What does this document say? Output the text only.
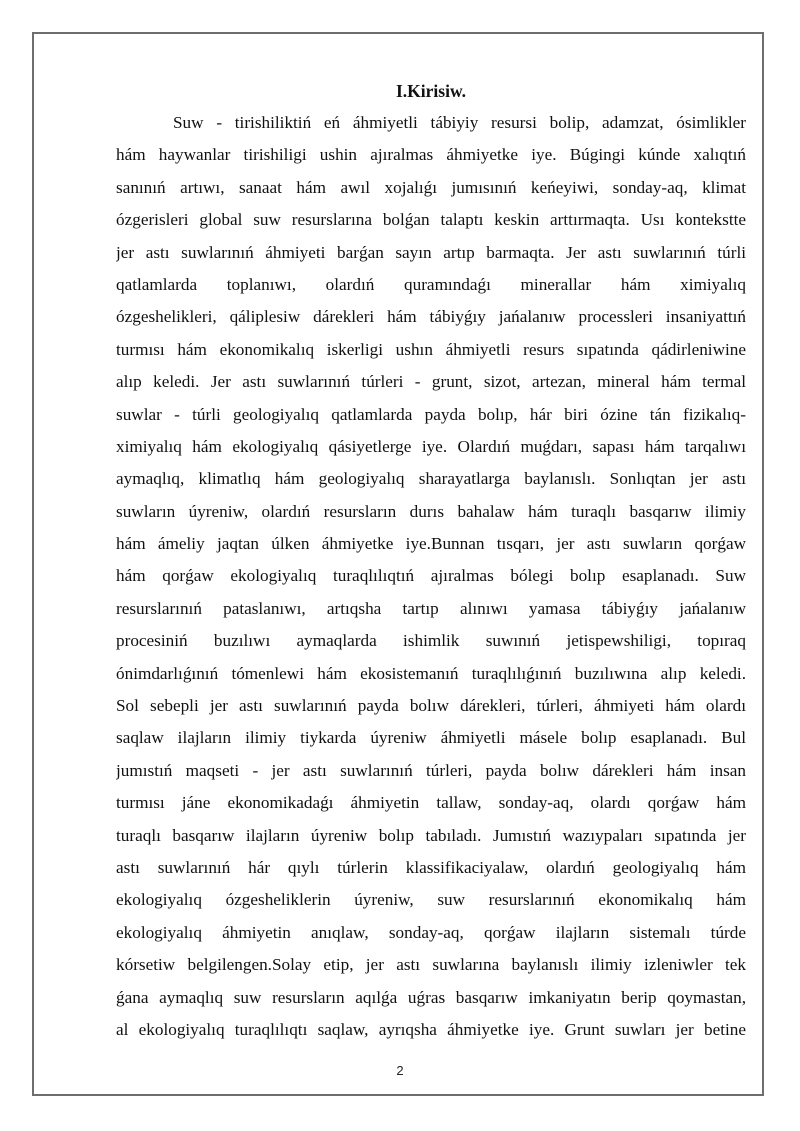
I.Kirisiw.
Suw - tirishiliktiń eń áhmiyetli tábiyiy resursi bolip, adamzat, ósimlikler
hám haywanlar tirishiligi ushin ajıralmas áhmiyetke iye. Búgingi kúnde xalıqtıń
sanınıń artıwı, sanaat hám awıl xojalıǵı jumısınıń keńeyiwi, sonday-aq, klimat
ózgerisleri global suw resurslarına bolǵan talaptı keskin arttırmaqta. Usı kontekstte
jer astı suwlarınıń áhmiyeti barǵan sayın artıp barmaqta. Jer astı suwlarınıń túrli
qatlamlarda toplanıwı, olardıń quramındaǵı minerallar hám ximiyalıq
ózgeshelikleri, qáliplesiw dárekleri hám tábiyǵıy jańalanıw processleri insaniyattıń
turmısı hám ekonomikalıq iskerligi ushın áhmiyetli resurs sıpatında qádirleniwine
alıp keledi. Jer astı suwlarınıń túrleri - grunt, sizot, artezan, mineral hám termal
suwlar - túrli geologiyalıq qatlamlarda payda bolıp, hár biri ózine tán fizikalıq-
ximiyalıq hám ekologiyalıq qásiyetlerge iye. Olardıń muǵdarı, sapası hám tarqalıwı
aymaqlıq, klimatlıq hám geologiyalıq sharayatlarga baylanıslı. Sonlıqtan jer astı
suwların úyreniw, olardıń resursların durıs bahalaw hám turaqlı basqarıw ilimiy
hám ámeliy jaqtan úlken áhmiyetke iye.Bunnan tısqarı, jer astı suwların qorǵaw
hám qorǵaw ekologiyalıq turaqlılıqtıń ajıralmas bólegi bolıp esaplanadı. Suw
resurslarınıń pataslanıwı, artıqsha tartıp alınıwı yamasa tábiyǵıy jańalanıw
procesiniń buzılıwı aymaqlarda ishimlik suwınıń jetispewshiligi, topıraq
ónimdarlıǵınıń tómenlewi hám ekosistemanıń turaqlılıǵınıń buzılıwına alıp keledi.
Sol sebepli jer astı suwlarınıń payda bolıw dárekleri, túrleri, áhmiyeti hám olardı
saqlaw ilajların ilimiy tiykarda úyreniw áhmiyetli másele bolıp esaplanadı. Bul
jumıstıń maqseti - jer astı suwlarınıń túrleri, payda bolıw dárekleri hám insan
turmısı jáne ekonomikadaǵı áhmiyetin tallaw, sonday-aq, olardı qorǵaw hám
turaqlı basqarıw ilajların úyreniw bolıp tabıladı. Jumıstıń wazıypaları sıpatında jer
astı suwlarınıń hár qıylı túrlerin klassifikaciyalaw, olardıń geologiyalıq hám
ekologiyalıq ózgesheliklerin úyreniw, suw resurslarınıń ekonomikalıq hám
ekologiyalıq áhmiyetin anıqlaw, sonday-aq, qorǵaw ilajların sistemalı túrde
kórsetiw belgilengen.Solay etip, jer astı suwlarına baylanıslı ilimiy izleniwler tek
ǵana aymaqlıq suw resursların aqılǵa uǵras basqarıw imkaniyatın berip qoymastan,
al ekologiyalıq turaqlılıqtı saqlaw, ayrıqsha áhmiyetke iye. Grunt suwları jer betine
2
